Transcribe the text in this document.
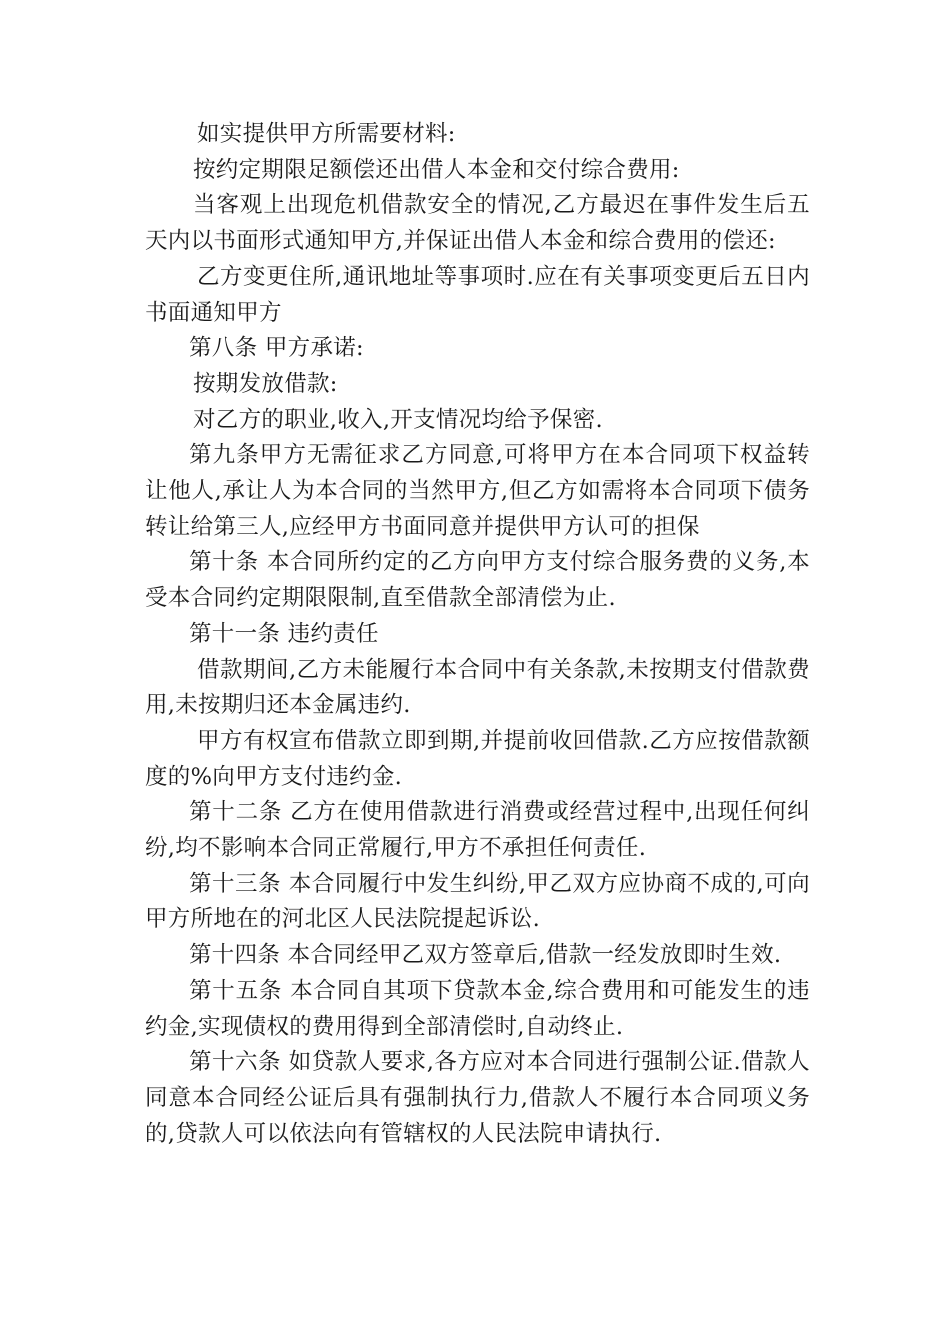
如实提供甲方所需要材料:

按约定期限足额偿还出借人本金和交付综合费用:

当客观上出现危机借款安全的情况,乙方最迟在事件发生后五天内以书面形式通知甲方,并保证出借人本金和综合费用的偿还:

乙方变更住所,通讯地址等事项时.应在有关事项变更后五日内书面通知甲方

第八条 甲方承诺:

按期发放借款:

对乙方的职业,收入,开支情况均给予保密.

第九条甲方无需征求乙方同意,可将甲方在本合同项下权益转让他人,承让人为本合同的当然甲方,但乙方如需将本合同项下债务转让给第三人,应经甲方书面同意并提供甲方认可的担保

第十条 本合同所约定的乙方向甲方支付综合服务费的义务,本受本合同约定期限限制,直至借款全部清偿为止.

第十一条 违约责任

借款期间,乙方未能履行本合同中有关条款,未按期支付借款费用,未按期归还本金属违约.

甲方有权宣布借款立即到期,并提前收回借款.乙方应按借款额度的%向甲方支付违约金.

第十二条 乙方在使用借款进行消费或经营过程中,出现任何纠纷,均不影响本合同正常履行,甲方不承担任何责任.

第十三条 本合同履行中发生纠纷,甲乙双方应协商不成的,可向甲方所地在的河北区人民法院提起诉讼.

第十四条 本合同经甲乙双方签章后,借款一经发放即时生效.

第十五条 本合同自其项下贷款本金,综合费用和可能发生的违约金,实现债权的费用得到全部清偿时,自动终止.

第十六条 如贷款人要求,各方应对本合同进行强制公证.借款人同意本合同经公证后具有强制执行力,借款人不履行本合同项义务的,贷款人可以依法向有管辖权的人民法院申请执行.
